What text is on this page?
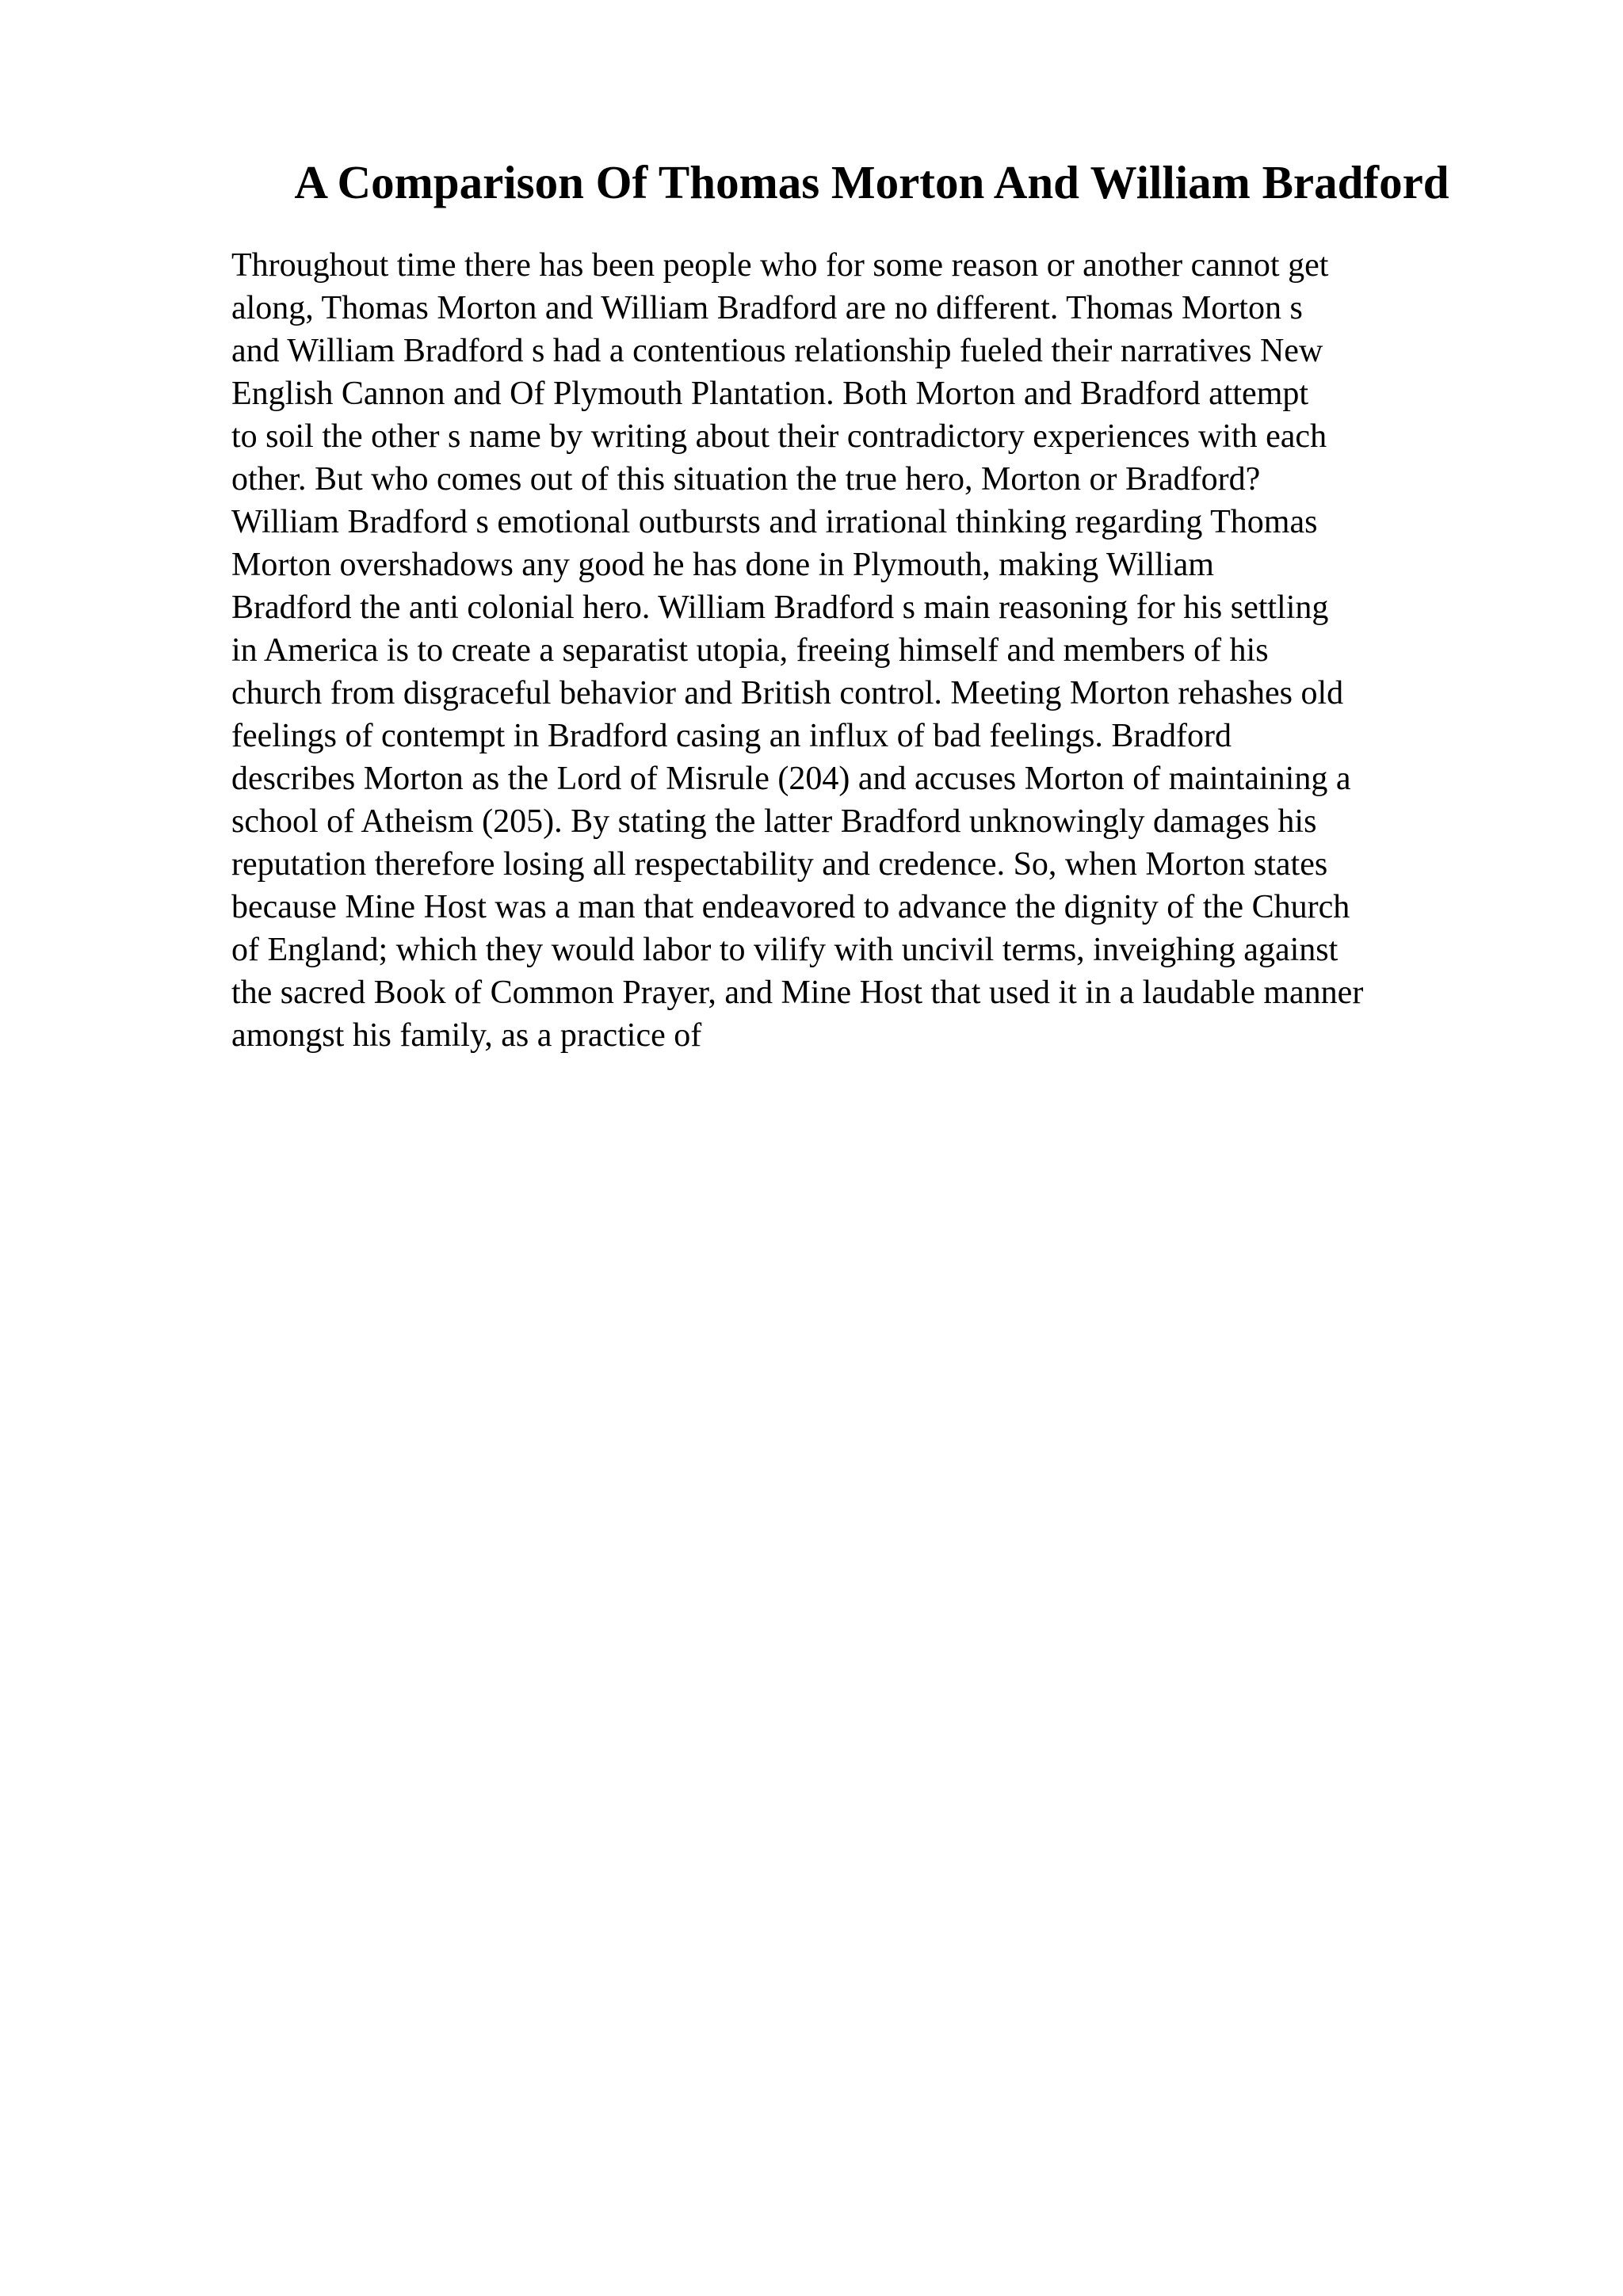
A Comparison Of Thomas Morton And William Bradford
Throughout time there has been people who for some reason or another cannot get
along, Thomas Morton and William Bradford are no different. Thomas Morton s
and William Bradford s had a contentious relationship fueled their narratives New
English Cannon and Of Plymouth Plantation. Both Morton and Bradford attempt
to soil the other s name by writing about their contradictory experiences with each
other. But who comes out of this situation the true hero, Morton or Bradford?
William Bradford s emotional outbursts and irrational thinking regarding Thomas
Morton overshadows any good he has done in Plymouth, making William
Bradford the anti colonial hero. William Bradford s main reasoning for his settling
in America is to create a separatist utopia, freeing himself and members of his
church from disgraceful behavior and British control. Meeting Morton rehashes old
feelings of contempt in Bradford casing an influx of bad feelings. Bradford
describes Morton as the Lord of Misrule (204) and accuses Morton of maintaining a
school of Atheism (205). By stating the latter Bradford unknowingly damages his
reputation therefore losing all respectability and credence. So, when Morton states
because Mine Host was a man that endeavored to advance the dignity of the Church
of England; which they would labor to vilify with uncivil terms, inveighing against
the sacred Book of Common Prayer, and Mine Host that used it in a laudable manner
amongst his family, as a practice of
